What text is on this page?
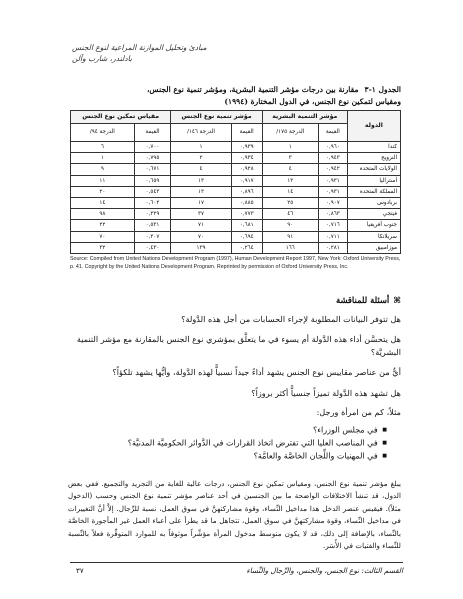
مبادئ وتحليل الموازنة المراعية لنوع الجنس
بادلندر، شارب وآلن
الجدول ١-٣مقارنة بين درجات مؤشر التنمية البشرية، ومؤشر تنمية نوع الجنس،
ومقياس لتمكين نوع الجنس، في الدول المختارة (١٩٩٤)
الدولة	مؤشر التنمية البشرية		مؤشر تنمية نوع الجنس		مقياس تمكين نوع الجنس	
	القيمة	الدرجة ١٧٥/	القيمة	الدرجة ١٤٦/	القيمة	الدرجة ٩٤/
كندا	٠,٩٦٠	١	٠,٩٣٩	١	٠,٧٠٠	٦
النرويج	٠,٩٤٣	٣	٠,٩٣٤	٢	٠,٧٩٥	١
الولايات المتحدة	٠,٩٤٢	٤	٠,٩٢٨	٤	٠,٦٧١	٩
أستراليا	٠,٩٣١	١٣	٠,٩١٧	١٣	٠,٦٥٩	١١
المملكة المتحدة	٠,٩٣١	١٤	٠,٨٩٦	١٣	٠,٥٤٣	٢٠
بربادوس	٠,٩٠٧	٢٥	٠,٨٨٥	١٧	٠,٦٠٢	١٤
فيتجي	٠,٨٦٣	٤٦	٠,٧٧٣	٣٧	٠,٣٢٩	٩٨
جنوب أفريقيا	٠,٧١٦	٩٠	٠,٦٨١	٧١	٠,٥٣١	٢٢
سريلانكا	٠,٧١١	٩١	٠,٦٩٤	٧٠	٠,٣٠٧	٧٠
موزامبيق	٠,٢٨١	١٦٦	٠,٢٦٤	١٣٩	٠,٤٣٠	٣٢
Source: Compiled from United Nations Development Program (1997), Human Development Report 1997, New York: Oxford University Press, p. 41. Copyright by the United Nations Development Program. Reprinted by permission of Oxford University Press, Inc.
⌘أسئلة للمناقشة
هل تتوفر البيانات المطلوبة لإجراء الحسابات من أجل هذه الدَّولة؟
هل يتحسَّن أداء هذه الدَّولة أم يسوء في ما يتعلَّق بمؤشري نوع الجنس بالمقارنة مع مؤشر التنمية البشريَّة؟
أيٌّ من عناصر مقاييس نوع الجنس يشهد أداءً جيداً نسبياًّ لهذه الدَّولة، وأيُّها يشهد تلكؤاً؟
هل تشهد هذه الدَّولة تميزاً جنسياًّ أكثر بروزاً؟
مثلاً، كم من امرأة ورجل:
■ في مجلس الوزراء؟
■ في المناصب العليا التي تفترض اتخاذ القرارات في الدَّوائر الحكوميَّة المدنيَّة؟
■ في المهنيات واللِّجان الخاصَّة والعامَّة؟
يبلغ مؤشر تنمية نوع الجنس، ومقياس تمكين نوع الجنس، درجات عالية للغاية من التجريد والتجميع. ففي بعض الدول، قد تنشأ الاختلافات الواضحة ما بين الجنسين في أحد عناصر مؤشر تنمية نوع الجنس وحسب (الدخول مثلاً). فيقيس عنصر الدخل هذا مداخيل النِّساء، وقوة مشاركتهنَّ في سوق العمل، نسبة للرِّجال. إلاَّ أنَّ التغييرات في مداخيل النِّساء، وقوة مشاركتهنَّ في سوق العمل، تتجاهل ما قد يطرأ على أعباء العمل غير المأجورة الخاصَّة بالنِّساء، بالإضافة إلى ذلك، قد لا يكون متوسط مدخول المرأة مؤشِّراً موثوقاً به للموارد المتوفِّرة فعلاً بالنِّسبة للنِّساء والفتيات في الأُسَر.
٣٧	القسم الثالث: نوع الجنس، والجنس، والرِّجال والنِّساء
